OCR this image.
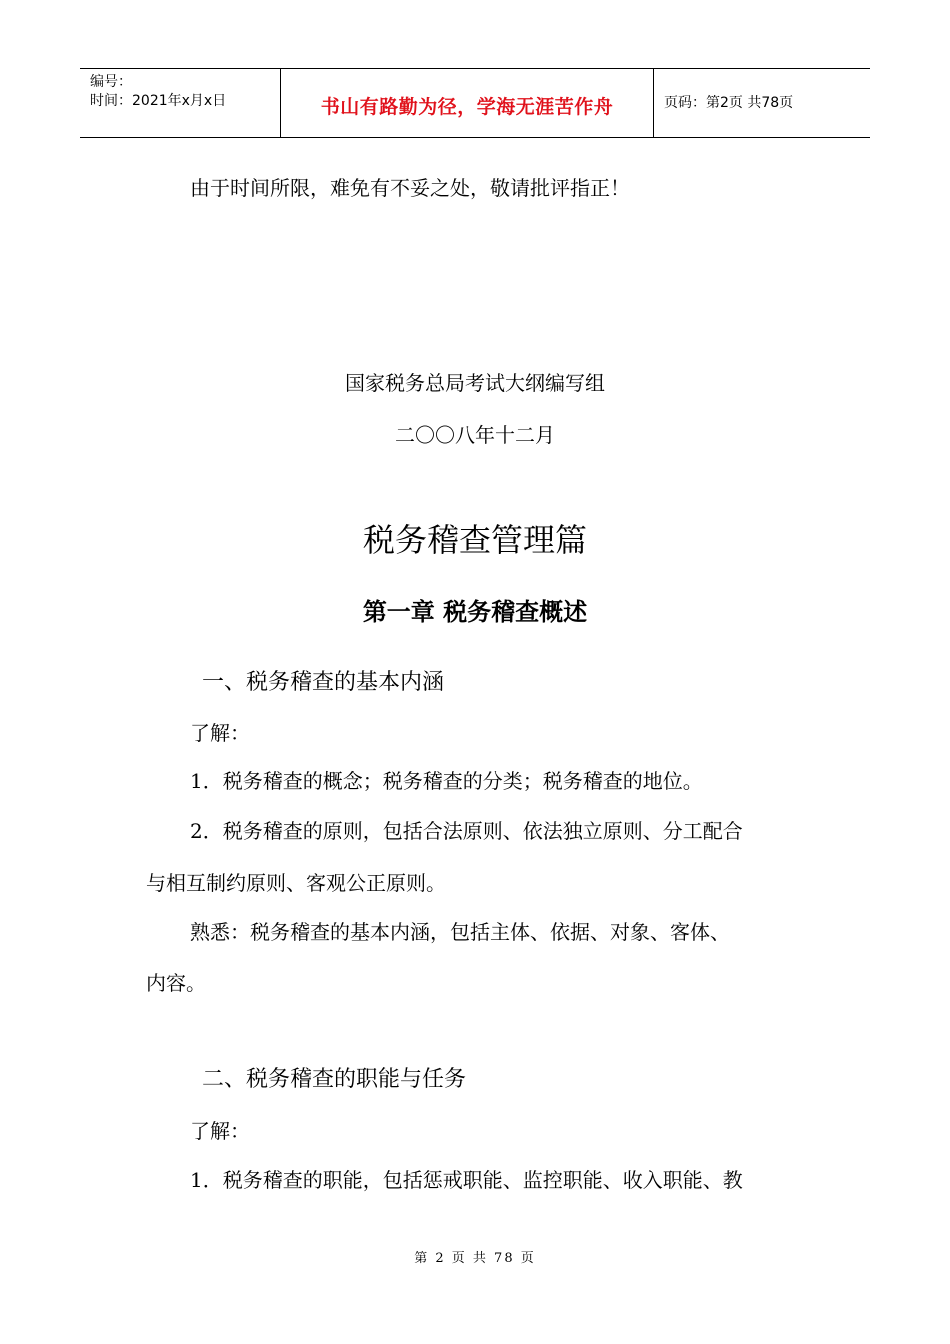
编号：
时间：2021年x月x日	书山有路勤为径，学海无涯苦作舟	页码：第2页 共78页
由于时间所限，难免有不妥之处，敬请批评指正！
国家税务总局考试大纲编写组
二〇〇八年十二月
税务稽查管理篇
第一章 税务稽查概述
一、税务稽查的基本内涵
了解：
1．税务稽查的概念；税务稽查的分类；税务稽查的地位。
2．税务稽查的原则，包括合法原则、依法独立原则、分工配合
与相互制约原则、客观公正原则。
熟悉：税务稽查的基本内涵，包括主体、依据、对象、客体、
内容。
二、税务稽查的职能与任务
了解：
1．税务稽查的职能，包括惩戒职能、监控职能、收入职能、教
第 2 页 共 78 页
